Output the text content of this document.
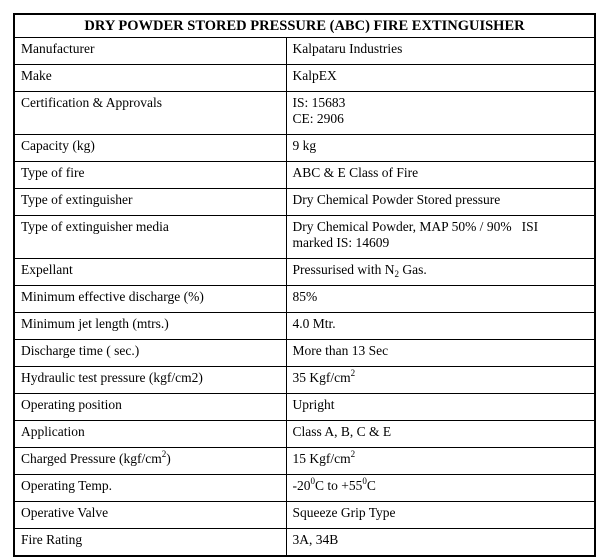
DRY POWDER STORED PRESSURE (ABC) FIRE EXTINGUISHER	
Manufacturer	Kalpataru Industries
Make	KalpEX
Certification & Approvals	IS: 15683
CE: 2906

Capacity (kg)	9 kg
Type of fire	ABC & E Class of Fire
Type of extinguisher	Dry Chemical Powder Stored pressure
Type of extinguisher media	Dry Chemical Powder, MAP 50% / 90%   ISI
marked IS: 14609

Expellant	Pressurised with $N_2$ Gas.
Minimum effective discharge (%)	85%
Minimum jet length (mtrs.)	4.0 Mtr.
Discharge time ( sec.)	More than 13 Sec
Hydraulic test pressure (kgf/cm2)	35 Kgf/$cm^2$
Operating position	Upright
Application	Class A, B, C & E
Charged Pressure $(kgf/cm^2)$	15 Kgf/$cm^2$
Operating Temp.	$-20^0C$ to $+55^0C$
Operative Valve	Squeeze Grip Type
Fire Rating	3A, 34B
